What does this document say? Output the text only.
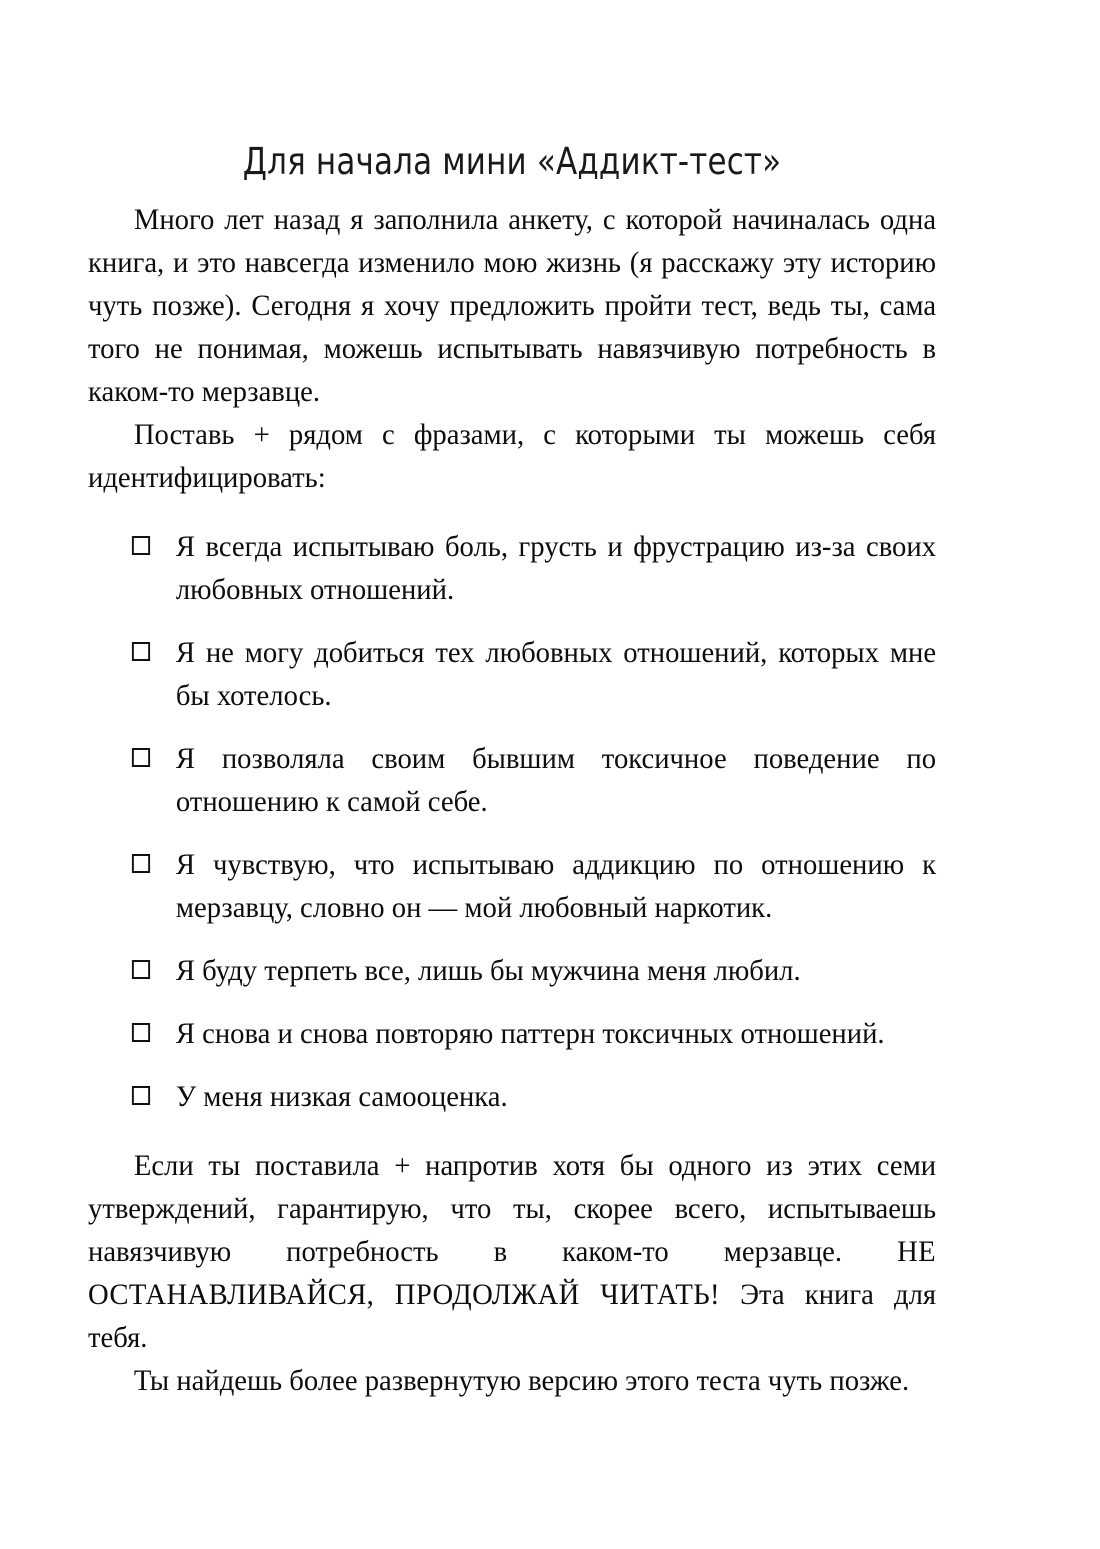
Для начала мини «Аддикт-тест»

Много лет назад я заполнила анкету, с которой начиналась одна книга, и это навсегда изменило мою жизнь (я расскажу эту историю чуть позже). Сегодня я хочу предложить пройти тест, ведь ты, сама того не понимая, можешь испытывать навязчивую потребность в каком-то мерзавце.

Поставь + рядом с фразами, с которыми ты можешь себя идентифицировать:

Я всегда испытываю боль, грусть и фрустрацию из-за своих любовных отношений.
Я не могу добиться тех любовных отношений, которых мне бы хотелось.
Я позволяла своим бывшим токсичное поведение по отношению к самой себе.
Я чувствую, что испытываю аддикцию по отношению к мерзавцу, словно он — мой любовный наркотик.
Я буду терпеть все, лишь бы мужчина меня любил.
Я снова и снова повторяю паттерн токсичных отношений.
У меня низкая самооценка.

Если ты поставила + напротив хотя бы одного из этих семи утверждений, гарантирую, что ты, скорее всего, испытываешь навязчивую потребность в каком-то мерзавце. НЕ ОСТАНАВЛИВАЙСЯ, ПРОДОЛЖАЙ ЧИТАТЬ! Эта книга для тебя.

Ты найдешь более развернутую версию этого теста чуть позже.
